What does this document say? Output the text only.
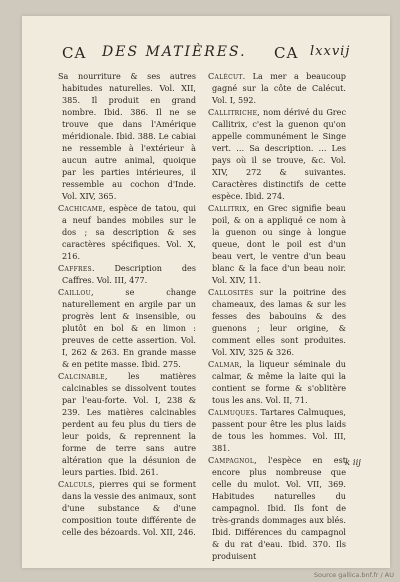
CA DES MATIÈRES. CA lxxvij

Sa nourriture & ses autres habitudes naturelles. Vol. XII, 385. Il produit en grand nombre. Ibid. 386. Il ne se trouve que dans l'Amérique méridionale. Ibid. 388. Le cabiai ne ressemble à l'extérieur à aucun autre animal, quoique par les parties intérieures, il ressemble au cochon d'Inde. Vol. XIV, 365.

Cachicame, espèce de tatou, qui a neuf bandes mobiles sur le dos ; sa description & ses caractères spécifiques. Vol. X, 216.

Caffres. Description des Caffres. Vol. III, 477.

Caillou, se change naturellement en argile par un progrès lent & insensible, ou plutôt en bol & en limon : preuves de cette assertion. Vol. I, 262 & 263. En grande masse & en petite masse. Ibid. 275.

Calcinable, les matières calcinables se dissolvent toutes par l'eau-forte. Vol. I, 238 & 239. Les matières calcinables perdent au feu plus du tiers de leur poids, & reprennent la forme de terre sans autre altération que la désunion de leurs parties. Ibid. 261.

Calculs, pierres qui se forment dans la vessie des animaux, sont d'une substance & d'une composition toute différente de celle des bézoards. Vol. XII, 246.

Calécut. La mer a beaucoup gagné sur la côte de Calécut. Vol. I, 592.

Callitriche, nom dérivé du Grec Callitrix, c'est la guenon qu'on appelle communément le Singe vert. … Sa description. … Les pays où il se trouve, &c. Vol. XIV, 272 & suivantes. Caractères distinctifs de cette espèce. Ibid. 274.

Callitrix, en Grec signifie beau poil, & on a appliqué ce nom à la guenon ou singe à longue queue, dont le poil est d'un beau vert, le ventre d'un beau blanc & la face d'un beau noir. Vol. XIV, 11.

Callosités sur la poitrine des chameaux, des lamas & sur les fesses des babouins & des guenons ; leur origine, & comment elles sont produites. Vol. XIV, 325 & 326.

Calmar, la liqueur séminale du calmar, & même la laite qui la contient se forme & s'oblitère tous les ans. Vol. II, 71.

Calmuques. Tartares Calmuques, passent pour être les plus laids de tous les hommes. Vol. III, 381.

Campagnol, l'espèce en est encore plus nombreuse que celle du mulot. Vol. VII, 369. Habitudes naturelles du campagnol. Ibid. Ils font de très-grands dommages aux blés. Ibid. Différences du campagnol & du rat d'eau. Ibid. 370. Ils produisent

k iij
Source gallica.bnf.fr / AU
